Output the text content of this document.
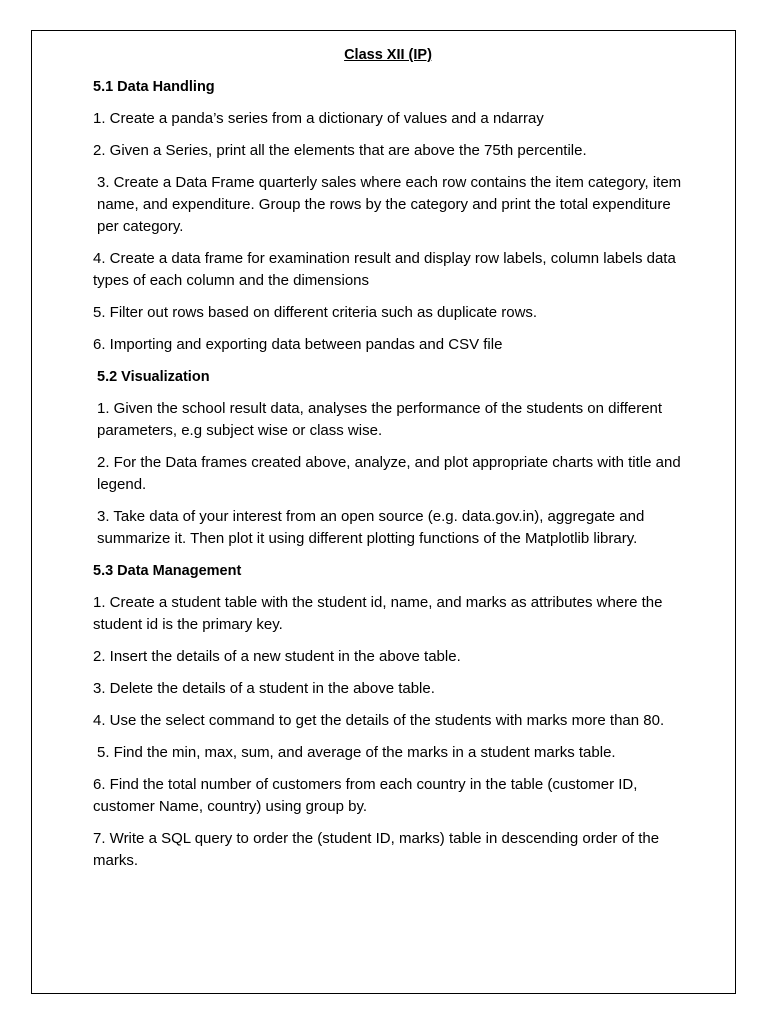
Class XII (IP)
5.1 Data Handling
1. Create a panda’s series from a dictionary of values and a ndarray
2. Given a Series, print all the elements that are above the 75th percentile.
3. Create a Data Frame quarterly sales where each row contains the item category, item name, and expenditure. Group the rows by the category and print the total expenditure per category.
4. Create a data frame for examination result and display row labels, column labels data types of each column and the dimensions
5. Filter out rows based on different criteria such as duplicate rows.
6. Importing and exporting data between pandas and CSV file
5.2 Visualization
1. Given the school result data, analyses the performance of the students on different parameters, e.g subject wise or class wise.
2. For the Data frames created above, analyze, and plot appropriate charts with title and legend.
3. Take data of your interest from an open source (e.g. data.gov.in), aggregate and summarize it. Then plot it using different plotting functions of the Matplotlib library.
5.3 Data Management
1. Create a student table with the student id, name, and marks as attributes where the student id is the primary key.
2. Insert the details of a new student in the above table.
3. Delete the details of a student in the above table.
4. Use the select command to get the details of the students with marks more than 80.
5. Find the min, max, sum, and average of the marks in a student marks table.
6. Find the total number of customers from each country in the table (customer ID, customer Name, country) using group by.
7. Write a SQL query to order the (student ID, marks) table in descending order of the marks.
